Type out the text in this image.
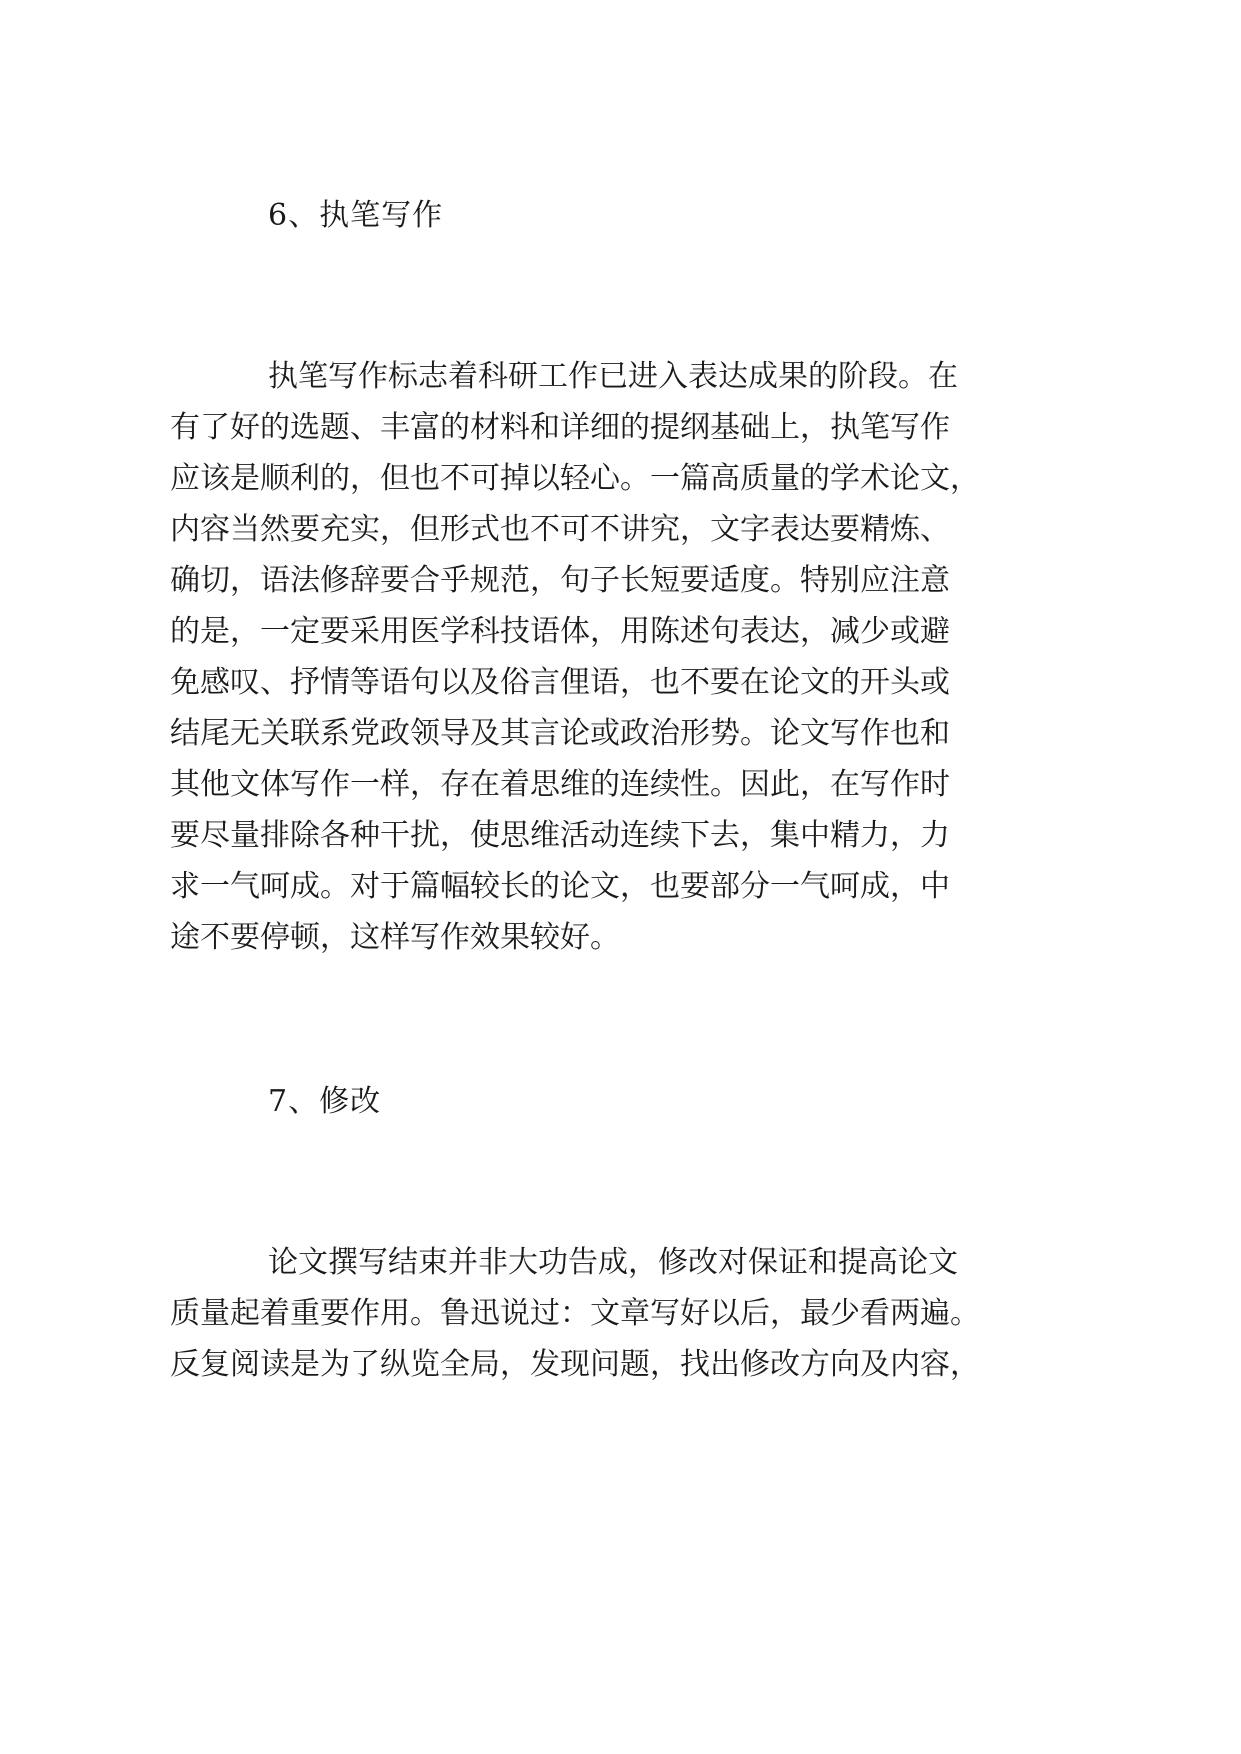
6、执笔写作
执笔写作标志着科研工作已进入表达成果的阶段。在
有了好的选题、丰富的材料和详细的提纲基础上，执笔写作
应该是顺利的，但也不可掉以轻心。一篇高质量的学术论文，
内容当然要充实，但形式也不可不讲究，文字表达要精炼、
确切，语法修辞要合乎规范，句子长短要适度。特别应注意
的是，一定要采用医学科技语体，用陈述句表达，减少或避
免感叹、抒情等语句以及俗言俚语，也不要在论文的开头或
结尾无关联系党政领导及其言论或政治形势。论文写作也和
其他文体写作一样，存在着思维的连续性。因此，在写作时
要尽量排除各种干扰，使思维活动连续下去，集中精力，力
求一气呵成。对于篇幅较长的论文，也要部分一气呵成，中
途不要停顿，这样写作效果较好。
7、修改
论文撰写结束并非大功告成，修改对保证和提高论文
质量起着重要作用。鲁迅说过：文章写好以后，最少看两遍。
反复阅读是为了纵览全局，发现问题，找出修改方向及内容，
